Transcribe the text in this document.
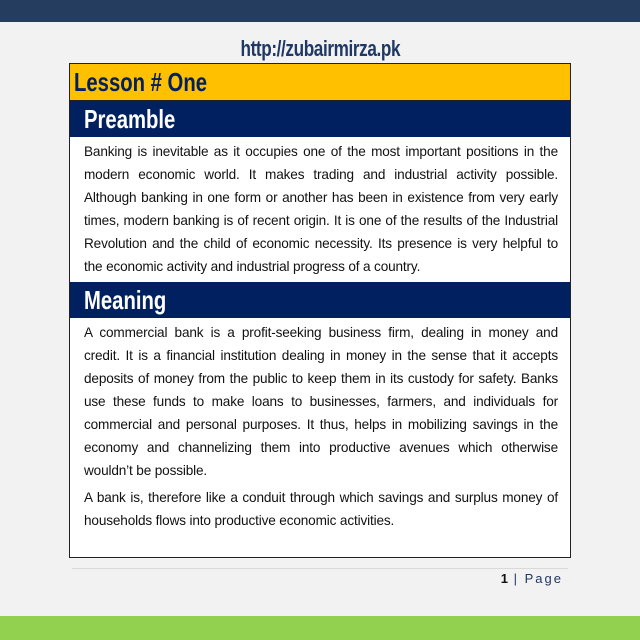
http://zubairmirza.pk
Lesson # One
Preamble

Banking is inevitable as it occupies one of the most important positions in the modern economic world. It makes trading and industrial activity possible. Although banking in one form or another has been in existence from very early times, modern banking is of recent origin. It is one of the results of the Industrial Revolution and the child of economic necessity. Its presence is very helpful to the economic activity and industrial progress of a country.

Meaning

A commercial bank is a profit-seeking business firm, dealing in money and credit. It is a financial institution dealing in money in the sense that it accepts deposits of money from the public to keep them in its custody for safety. Banks use these funds to make loans to businesses, farmers, and individuals for commercial and personal purposes. It thus, helps in mobilizing savings in the economy and channelizing them into productive avenues which otherwise wouldn’t be possible.

A bank is, therefore like a conduit through which savings and surplus money of households flows into productive economic activities.

1 | Page
